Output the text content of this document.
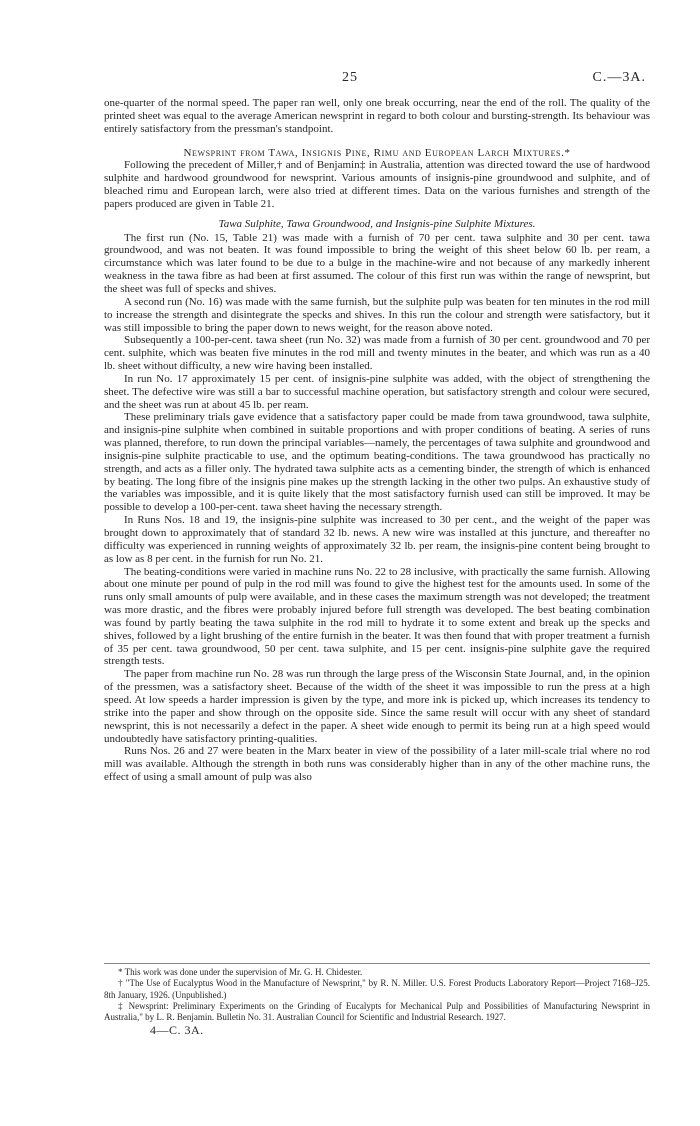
25	C.—3A.

one-quarter of the normal speed. The paper ran well, only one break occurring, near the end of the roll. The quality of the printed sheet was equal to the average American newsprint in regard to both colour and bursting-strength. Its behaviour was entirely satisfactory from the pressman's standpoint.

Newsprint from Tawa, Insignis Pine, Rimu and European Larch Mixtures.*

Following the precedent of Miller,† and of Benjamin‡ in Australia, attention was directed toward the use of hardwood sulphite and hardwood groundwood for newsprint. Various amounts of insignis-pine groundwood and sulphite, and of bleached rimu and European larch, were also tried at different times. Data on the various furnishes and strength of the papers produced are given in Table 21.

Tawa Sulphite, Tawa Groundwood, and Insignis-pine Sulphite Mixtures.

The first run (No. 15, Table 21) was made with a furnish of 70 per cent. tawa sulphite and 30 per cent. tawa groundwood, and was not beaten. It was found impossible to bring the weight of this sheet below 60 lb. per ream, a circumstance which was later found to be due to a bulge in the machine-wire and not because of any markedly inherent weakness in the tawa fibre as had been at first assumed. The colour of this first run was within the range of newsprint, but the sheet was full of specks and shives.

A second run (No. 16) was made with the same furnish, but the sulphite pulp was beaten for ten minutes in the rod mill to increase the strength and disintegrate the specks and shives. In this run the colour and strength were satisfactory, but it was still impossible to bring the paper down to news weight, for the reason above noted.

Subsequently a 100-per-cent. tawa sheet (run No. 32) was made from a furnish of 30 per cent. groundwood and 70 per cent. sulphite, which was beaten five minutes in the rod mill and twenty minutes in the beater, and which was run as a 40 lb. sheet without difficulty, a new wire having been installed.

In run No. 17 approximately 15 per cent. of insignis-pine sulphite was added, with the object of strengthening the sheet. The defective wire was still a bar to successful machine operation, but satisfactory strength and colour were secured, and the sheet was run at about 45 lb. per ream.

These preliminary trials gave evidence that a satisfactory paper could be made from tawa groundwood, tawa sulphite, and insignis-pine sulphite when combined in suitable proportions and with proper conditions of beating. A series of runs was planned, therefore, to run down the principal variables—namely, the percentages of tawa sulphite and groundwood and insignis-pine sulphite practicable to use, and the optimum beating-conditions. The tawa groundwood has practically no strength, and acts as a filler only. The hydrated tawa sulphite acts as a cementing binder, the strength of which is enhanced by beating. The long fibre of the insignis pine makes up the strength lacking in the other two pulps. An exhaustive study of the variables was impossible, and it is quite likely that the most satisfactory furnish used can still be improved. It may be possible to develop a 100-per-cent. tawa sheet having the necessary strength.

In Runs Nos. 18 and 19, the insignis-pine sulphite was increased to 30 per cent., and the weight of the paper was brought down to approximately that of standard 32 lb. news. A new wire was installed at this juncture, and thereafter no difficulty was experienced in running weights of approximately 32 lb. per ream, the insignis-pine content being brought to as low as 8 per cent. in the furnish for run No. 21.

The beating-conditions were varied in machine runs No. 22 to 28 inclusive, with practically the same furnish. Allowing about one minute per pound of pulp in the rod mill was found to give the highest test for the amounts used. In some of the runs only small amounts of pulp were available, and in these cases the maximum strength was not developed; the treatment was more drastic, and the fibres were probably injured before full strength was developed. The best beating combination was found by partly beating the tawa sulphite in the rod mill to hydrate it to some extent and break up the specks and shives, followed by a light brushing of the entire furnish in the beater. It was then found that with proper treatment a furnish of 35 per cent. tawa groundwood, 50 per cent. tawa sulphite, and 15 per cent. insignis-pine sulphite gave the required strength tests.

The paper from machine run No. 28 was run through the large press of the Wisconsin State Journal, and, in the opinion of the pressmen, was a satisfactory sheet. Because of the width of the sheet it was impossible to run the press at a high speed. At low speeds a harder impression is given by the type, and more ink is picked up, which increases its tendency to strike into the paper and show through on the opposite side. Since the same result will occur with any sheet of standard newsprint, this is not necessarily a defect in the paper. A sheet wide enough to permit its being run at a high speed would undoubtedly have satisfactory printing-qualities.

Runs Nos. 26 and 27 were beaten in the Marx beater in view of the possibility of a later mill-scale trial where no rod mill was available. Although the strength in both runs was considerably higher than in any of the other machine runs, the effect of using a small amount of pulp was also

* This work was done under the supervision of Mr. G. H. Chidester.

† "The Use of Eucalyptus Wood in the Manufacture of Newsprint," by R. N. Miller. U.S. Forest Products Laboratory Report—Project 7168–J25. 8th January, 1926. (Unpublished.)

‡ Newsprint: Preliminary Experiments on the Grinding of Eucalypts for Mechanical Pulp and Possibilities of Manufacturing Newsprint in Australia," by L. R. Benjamin. Bulletin No. 31. Australian Council for Scientific and Industrial Research. 1927.

4—C. 3A.
